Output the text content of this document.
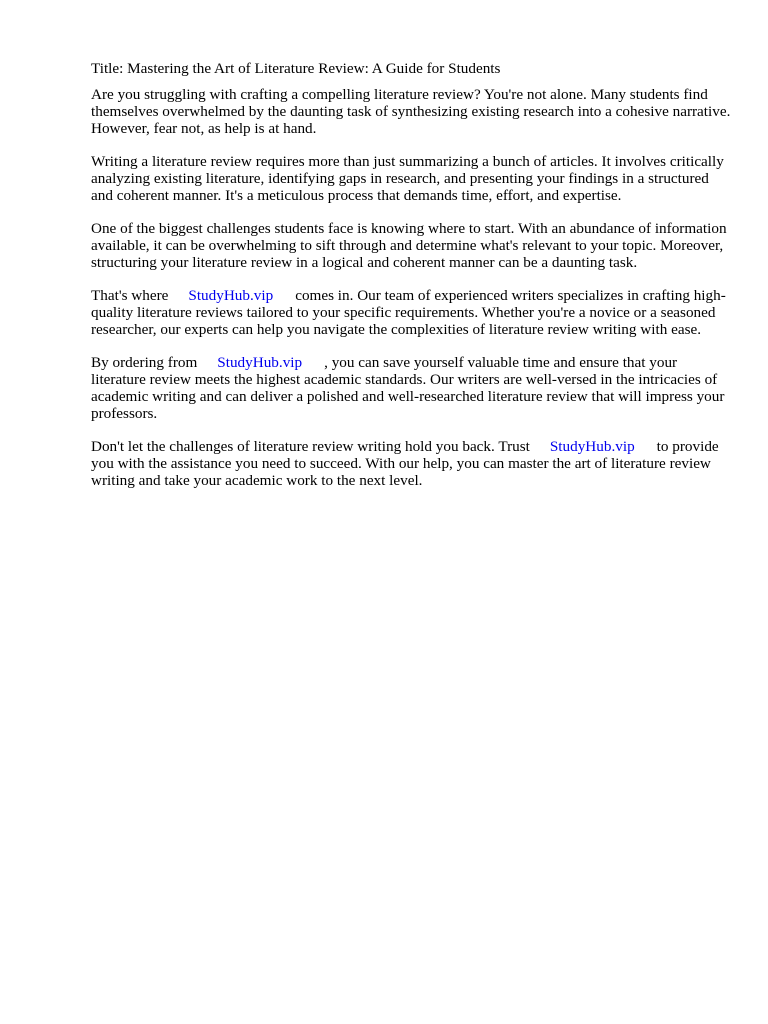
Title: Mastering the Art of Literature Review: A Guide for Students

Are you struggling with crafting a compelling literature review? You're not alone. Many students find themselves overwhelmed by the daunting task of synthesizing existing research into a cohesive narrative. However, fear not, as help is at hand.

Writing a literature review requires more than just summarizing a bunch of articles. It involves critically analyzing existing literature, identifying gaps in research, and presenting your findings in a structured and coherent manner. It's a meticulous process that demands time, effort, and expertise.

One of the biggest challenges students face is knowing where to start. With an abundance of information available, it can be overwhelming to sift through and determine what's relevant to your topic. Moreover, structuring your literature review in a logical and coherent manner can be a daunting task.

That's where StudyHub.vip comes in. Our team of experienced writers specializes in crafting high-quality literature reviews tailored to your specific requirements. Whether you're a novice or a seasoned researcher, our experts can help you navigate the complexities of literature review writing with ease.

By ordering from StudyHub.vip , you can save yourself valuable time and ensure that your literature review meets the highest academic standards. Our writers are well-versed in the intricacies of academic writing and can deliver a polished and well-researched literature review that will impress your professors.

Don't let the challenges of literature review writing hold you back. Trust StudyHub.vip to provide you with the assistance you need to succeed. With our help, you can master the art of literature review writing and take your academic work to the next level.
